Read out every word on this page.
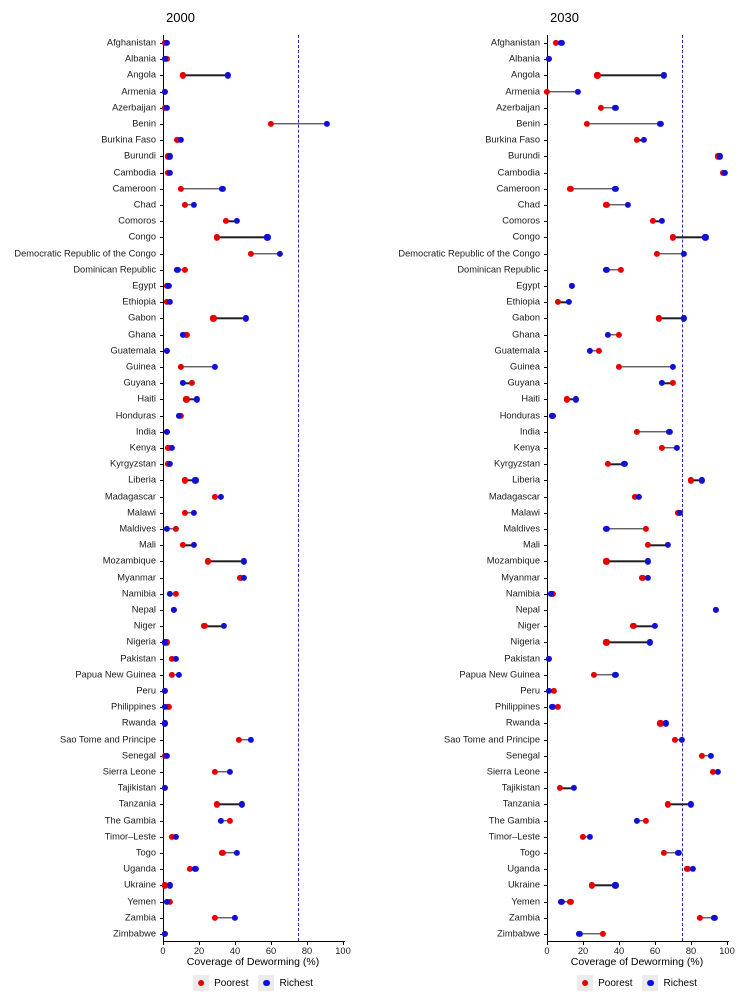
2000	2030
Coverage of Deworming (%)	Coverage of Deworming (%)
Poorest	Richest	Poorest	Richest
0	20	40	60	80 100
Afghanistan
Albania
Angola
Armenia
Azerbaijan
Benin
Burkina Faso
Burundi
Cambodia
Cameroon
Chad
Comoros
Congo
Democratic Republic of the Congo
Dominican Republic
Egypt
Ethiopia
Gabon
Ghana
Guatemala
Guinea
Guyana
Haiti
Honduras
India
Kenya
Kyrgyzstan
Liberia
Madagascar
Malawi
Maldives
Mali
Mozambique
Myanmar
Namibia
Nepal
Niger
Nigeria
Pakistan
Papua New Guinea
Peru
Philippines
Rwanda
Sao Tome and Principe
Senegal
Sierra Leone
Tajikistan
Tanzania
The Gambia
Timor–Leste
Togo
Uganda
Ukraine
Yemen
Zambia
Zimbabwe
0	20	40	60	80 100
Afghanistan
Albania
Angola
Armenia
Azerbaijan
Benin
Burkina Faso
Burundi
Cambodia
Cameroon
Chad
Comoros
Congo
Democratic Republic of the Congo
Dominican Republic
Egypt
Ethiopia
Gabon
Ghana
Guatemala
Guinea
Guyana
Haiti
Honduras
India
Kenya
Kyrgyzstan
Liberia
Madagascar
Malawi
Maldives
Mali
Mozambique
Myanmar
Namibia
Nepal
Niger
Nigeria
Pakistan
Papua New Guinea
Peru
Philippines
Rwanda
Sao Tome and Principe
Senegal
Sierra Leone
Tajikistan
Tanzania
The Gambia
Timor–Leste
Togo
Uganda
Ukraine
Yemen
Zambia
Zimbabwe
